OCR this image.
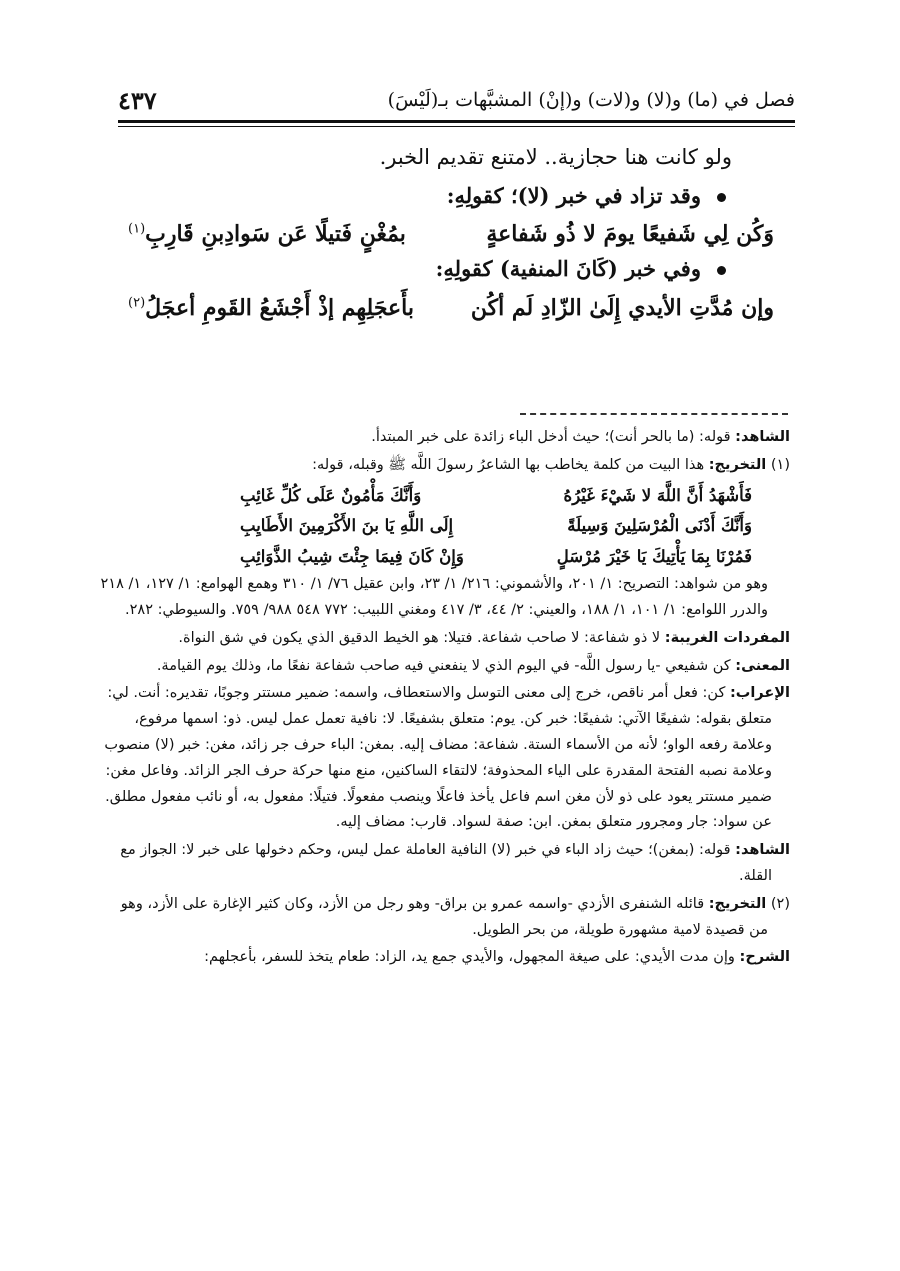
فصل في (ما) و(لا) و(لات) و(إنْ) المشبَّهات بـ(لَيْسَ)
٤٣٧
ولو كانت هنا حجازية.. لامتنع تقديم الخبر.
وقد تزاد في خبر (لا)؛ كقولِهِ:
وَكُن لِي شَفيعًا يومَ لا ذُو شَفاعةٍ
بمُغْنٍ فَتيلًا عَن سَوادِبنِ قَارِبِ$^{(١)}$
وفي خبر (كَانَ المنفية) كقولِهِ:
وإن مُدَّتِ الأيدي إِلَىٰ الزّادِ لَم أكُن
بأَعجَلِهِم إذْ أَجْشَعُ القَومِ أعجَلُ$^{(٢)}$

الشاهد: قوله: (ما بالحر أنت)؛ حيث أدخل الباء زائدة على خبر المبتدأ.

(١) التخريج: هذا البيت من كلمة يخاطب بها الشاعرُ رسولَ اللَّه ﷺ وقبله، قوله:

فَأَشْهَدُ أَنَّ اللَّهَ لا شَيْءَ غَيْرُهُ
وَأَنَّكَ مَأْمُونٌ عَلَى كُلِّ غَائِبِ
وَأَنَّكَ أَدْنَى الْمُرْسَلِينَ وَسِيلَةً
إِلَى اللَّهِ يَا بنَ الأَكْرَمِينَ الأَطَايِبِ
فَمُرْنَا بِمَا يَأْتِيكَ يَا خَيْرَ مُرْسَلٍ
وَإِنْ كَانَ فِيمَا جِئْتَ شِيبُ الذَّوَائِبِ

وهو من شواهد: التصريح: ١/ ٢٠١، والأشموني: ٢١٦/ ١/ ٢٣، وابن عقيل ٧٦/ ١/ ٣١٠ وهمع الهوامع: ١/ ١٢٧، ١/ ٢١٨ والدرر اللوامع: ١/ ١٠١، ١/ ١٨٨، والعيني: ٢/ ٤٤، ٣/ ٤١٧ ومغني اللبيب: ٧٧٢ ٥٤٨ ٩٨٨/ ٧٥٩. والسيوطي: ٢٨٢.

المفردات الغريبة: لا ذو شفاعة: لا صاحب شفاعة. فتيلا: هو الخيط الدقيق الذي يكون في شق النواة.

المعنى: كن شفيعي -يا رسول اللَّه- في اليوم الذي لا ينفعني فيه صاحب شفاعة نفعًا ما، وذلك يوم القيامة.

الإعراب: كن: فعل أمر ناقص، خرج إلى معنى التوسل والاستعطاف، واسمه: ضمير مستتر وجوبًا، تقديره: أنت. لي: متعلق بقوله: شفيعًا الآتي: شفيعًا: خبر كن. يوم: متعلق بشفيعًا. لا: نافية تعمل عمل ليس. ذو: اسمها مرفوع، وعلامة رفعه الواو؛ لأنه من الأسماء الستة. شفاعة: مضاف إليه. بمغن: الباء حرف جر زائد، مغن: خبر (لا) منصوب وعلامة نصبه الفتحة المقدرة على الياء المحذوفة؛ لالتقاء الساكنين، منع منها حركة حرف الجر الزائد. وفاعل مغن: ضمير مستتر يعود على ذو لأن مغن اسم فاعل يأخذ فاعلًا وينصب مفعولًا. فتيلًا: مفعول به، أو نائب مفعول مطلق. عن سواد: جار ومجرور متعلق بمغن. ابن: صفة لسواد. قارب: مضاف إليه.

الشاهد: قوله: (بمغن)؛ حيث زاد الباء في خبر (لا) النافية العاملة عمل ليس، وحكم دخولها على خبر لا: الجواز مع القلة.

(٢) التخريج: قائله الشنفرى الأزدي -واسمه عمرو بن براق- وهو رجل من الأزد، وكان كثير الإغارة على الأزد، وهو من قصيدة لامية مشهورة طويلة، من بحر الطويل.

الشرح: وإن مدت الأيدي: على صيغة المجهول، والأيدي جمع يد، الزاد: طعام يتخذ للسفر، بأعجلهم:
